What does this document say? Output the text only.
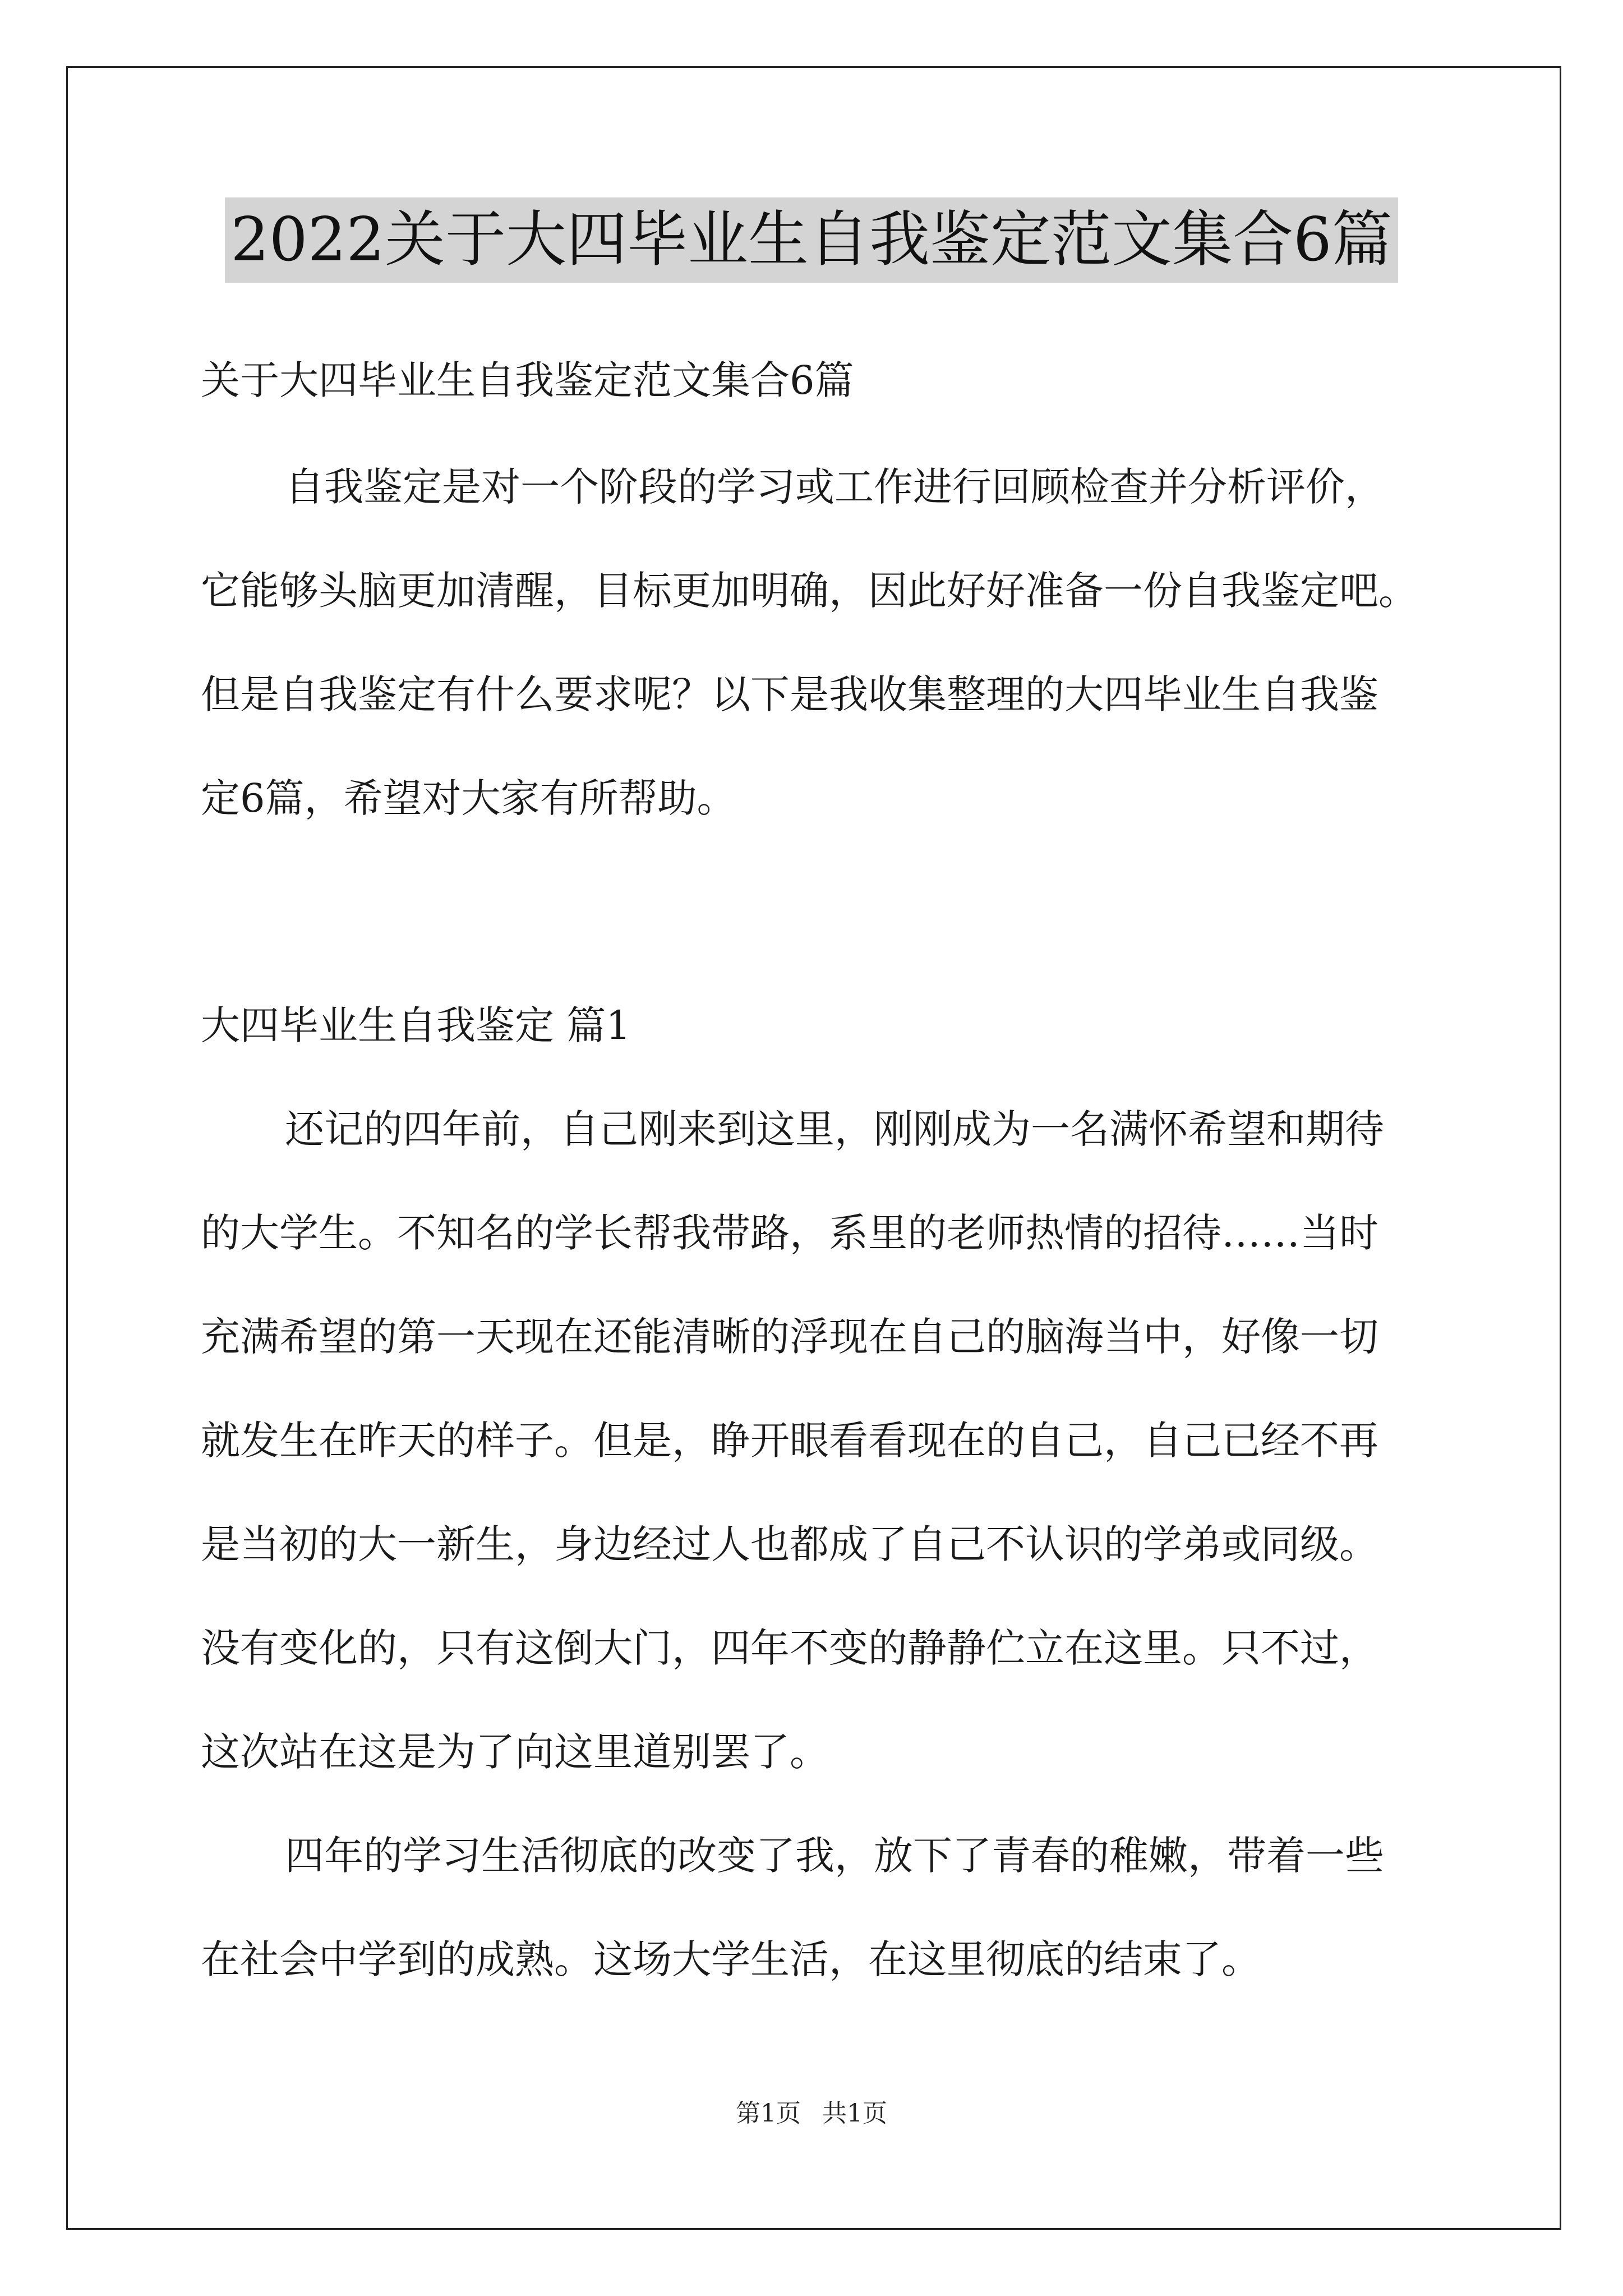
2022关于大四毕业生自我鉴定范文集合6篇
关于大四毕业生自我鉴定范文集合6篇
自我鉴定是对一个阶段的学习或工作进行回顾检查并分析评价，
它能够头脑更加清醒，目标更加明确，因此好好准备一份自我鉴定吧。
但是自我鉴定有什么要求呢？以下是我收集整理的大四毕业生自我鉴
定6篇，希望对大家有所帮助。
大四毕业生自我鉴定 篇1
还记的四年前，自己刚来到这里，刚刚成为一名满怀希望和期待
的大学生。不知名的学长帮我带路，系里的老师热情的招待……当时
充满希望的第一天现在还能清晰的浮现在自己的脑海当中，好像一切
就发生在昨天的样子。但是，睁开眼看看现在的自己，自己已经不再
是当初的大一新生，身边经过人也都成了自己不认识的学弟或同级。
没有变化的，只有这倒大门，四年不变的静静伫立在这里。只不过，
这次站在这是为了向这里道别罢了。
四年的学习生活彻底的改变了我，放下了青春的稚嫩，带着一些
在社会中学到的成熟。这场大学生活，在这里彻底的结束了。
第1页 共1页
